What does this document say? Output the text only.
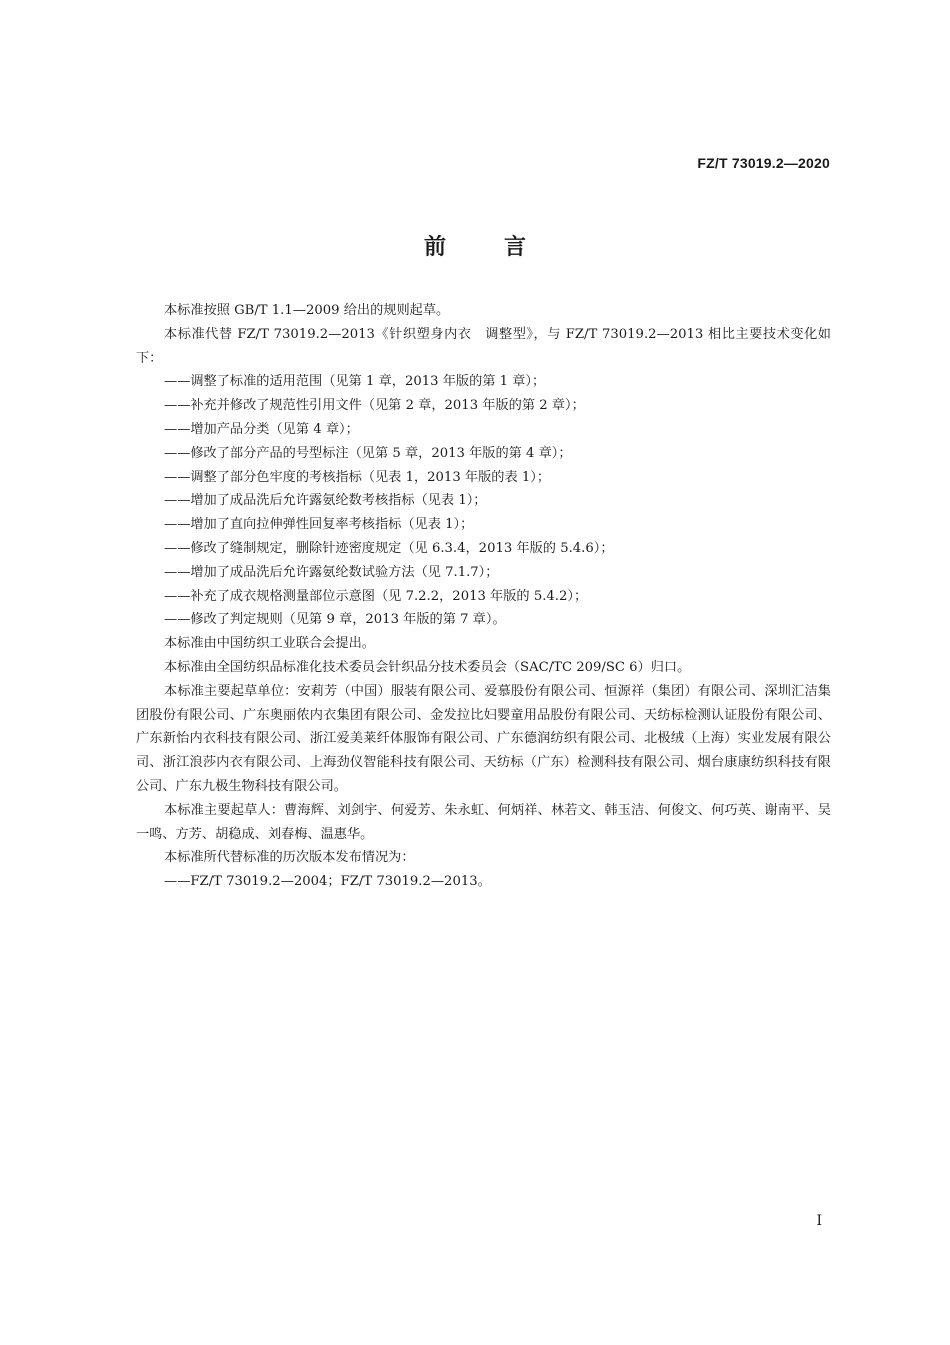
FZ/T 73019.2—2020
前言

本标准按照 GB/T 1.1—2009 给出的规则起草。

本标准代替 FZ/T 73019.2—2013《针织塑身内衣　调整型》，与 FZ/T 73019.2—2013 相比主要技术变化如下：

——调整了标准的适用范围（见第 1 章，2013 年版的第 1 章）；

——补充并修改了规范性引用文件（见第 2 章，2013 年版的第 2 章）；

——增加产品分类（见第 4 章）；

——修改了部分产品的号型标注（见第 5 章，2013 年版的第 4 章）；

——调整了部分色牢度的考核指标（见表 1，2013 年版的表 1）；

——增加了成品洗后允许露氨纶数考核指标（见表 1）；

——增加了直向拉伸弹性回复率考核指标（见表 1）；

——修改了缝制规定，删除针迹密度规定（见 6.3.4，2013 年版的 5.4.6）；

——增加了成品洗后允许露氨纶数试验方法（见 7.1.7）；

——补充了成衣规格测量部位示意图（见 7.2.2，2013 年版的 5.4.2）；

——修改了判定规则（见第 9 章，2013 年版的第 7 章）。

本标准由中国纺织工业联合会提出。

本标准由全国纺织品标准化技术委员会针织品分技术委员会（SAC/TC 209/SC 6）归口。

本标准主要起草单位：安莉芳（中国）服装有限公司、爱慕股份有限公司、恒源祥（集团）有限公司、深圳汇洁集团股份有限公司、广东奥丽侬内衣集团有限公司、金发拉比妇婴童用品股份有限公司、天纺标检测认证股份有限公司、广东新怡内衣科技有限公司、浙江爱美莱纤体服饰有限公司、广东德润纺织有限公司、北极绒（上海）实业发展有限公司、浙江浪莎内衣有限公司、上海劲仪智能科技有限公司、天纺标（广东）检测科技有限公司、烟台康康纺织科技有限公司、广东九极生物科技有限公司。

本标准主要起草人：曹海辉、刘剑宇、何爱芳、朱永虹、何炳祥、林若文、韩玉洁、何俊文、何巧英、谢南平、吴一鸣、方芳、胡稳成、刘春梅、温惠华。

本标准所代替标准的历次版本发布情况为：

——FZ/T 73019.2—2004；FZ/T 73019.2—2013。

I
